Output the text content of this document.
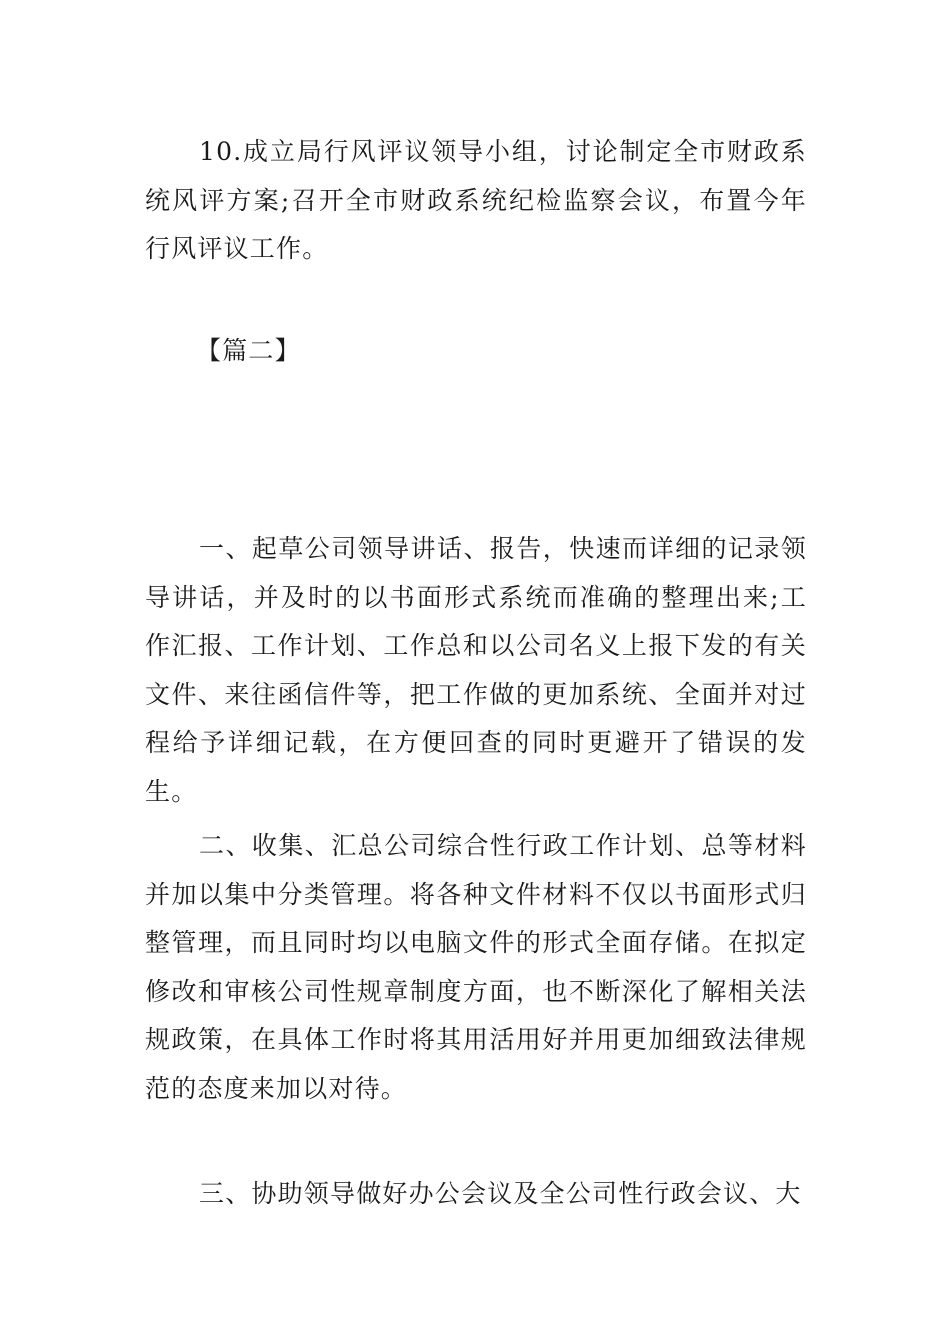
10.成立局行风评议领导小组，讨论制定全市财政系统风评方案;召开全市财政系统纪检监察会议，布置今年行风评议工作。

【篇二】

一、起草公司领导讲话、报告，快速而详细的记录领导讲话，并及时的以书面形式系统而准确的整理出来;工作汇报、工作计划、工作总和以公司名义上报下发的有关文件、来往函信件等，把工作做的更加系统、全面并对过程给予详细记载，在方便回查的同时更避开了错误的发生。

二、收集、汇总公司综合性行政工作计划、总等材料并加以集中分类管理。将各种文件材料不仅以书面形式归整管理，而且同时均以电脑文件的形式全面存储。在拟定修改和审核公司性规章制度方面，也不断深化了解相关法规政策，在具体工作时将其用活用好并用更加细致法律规范的态度来加以对待。

三、协助领导做好办公会议及全公司性行政会议、大
